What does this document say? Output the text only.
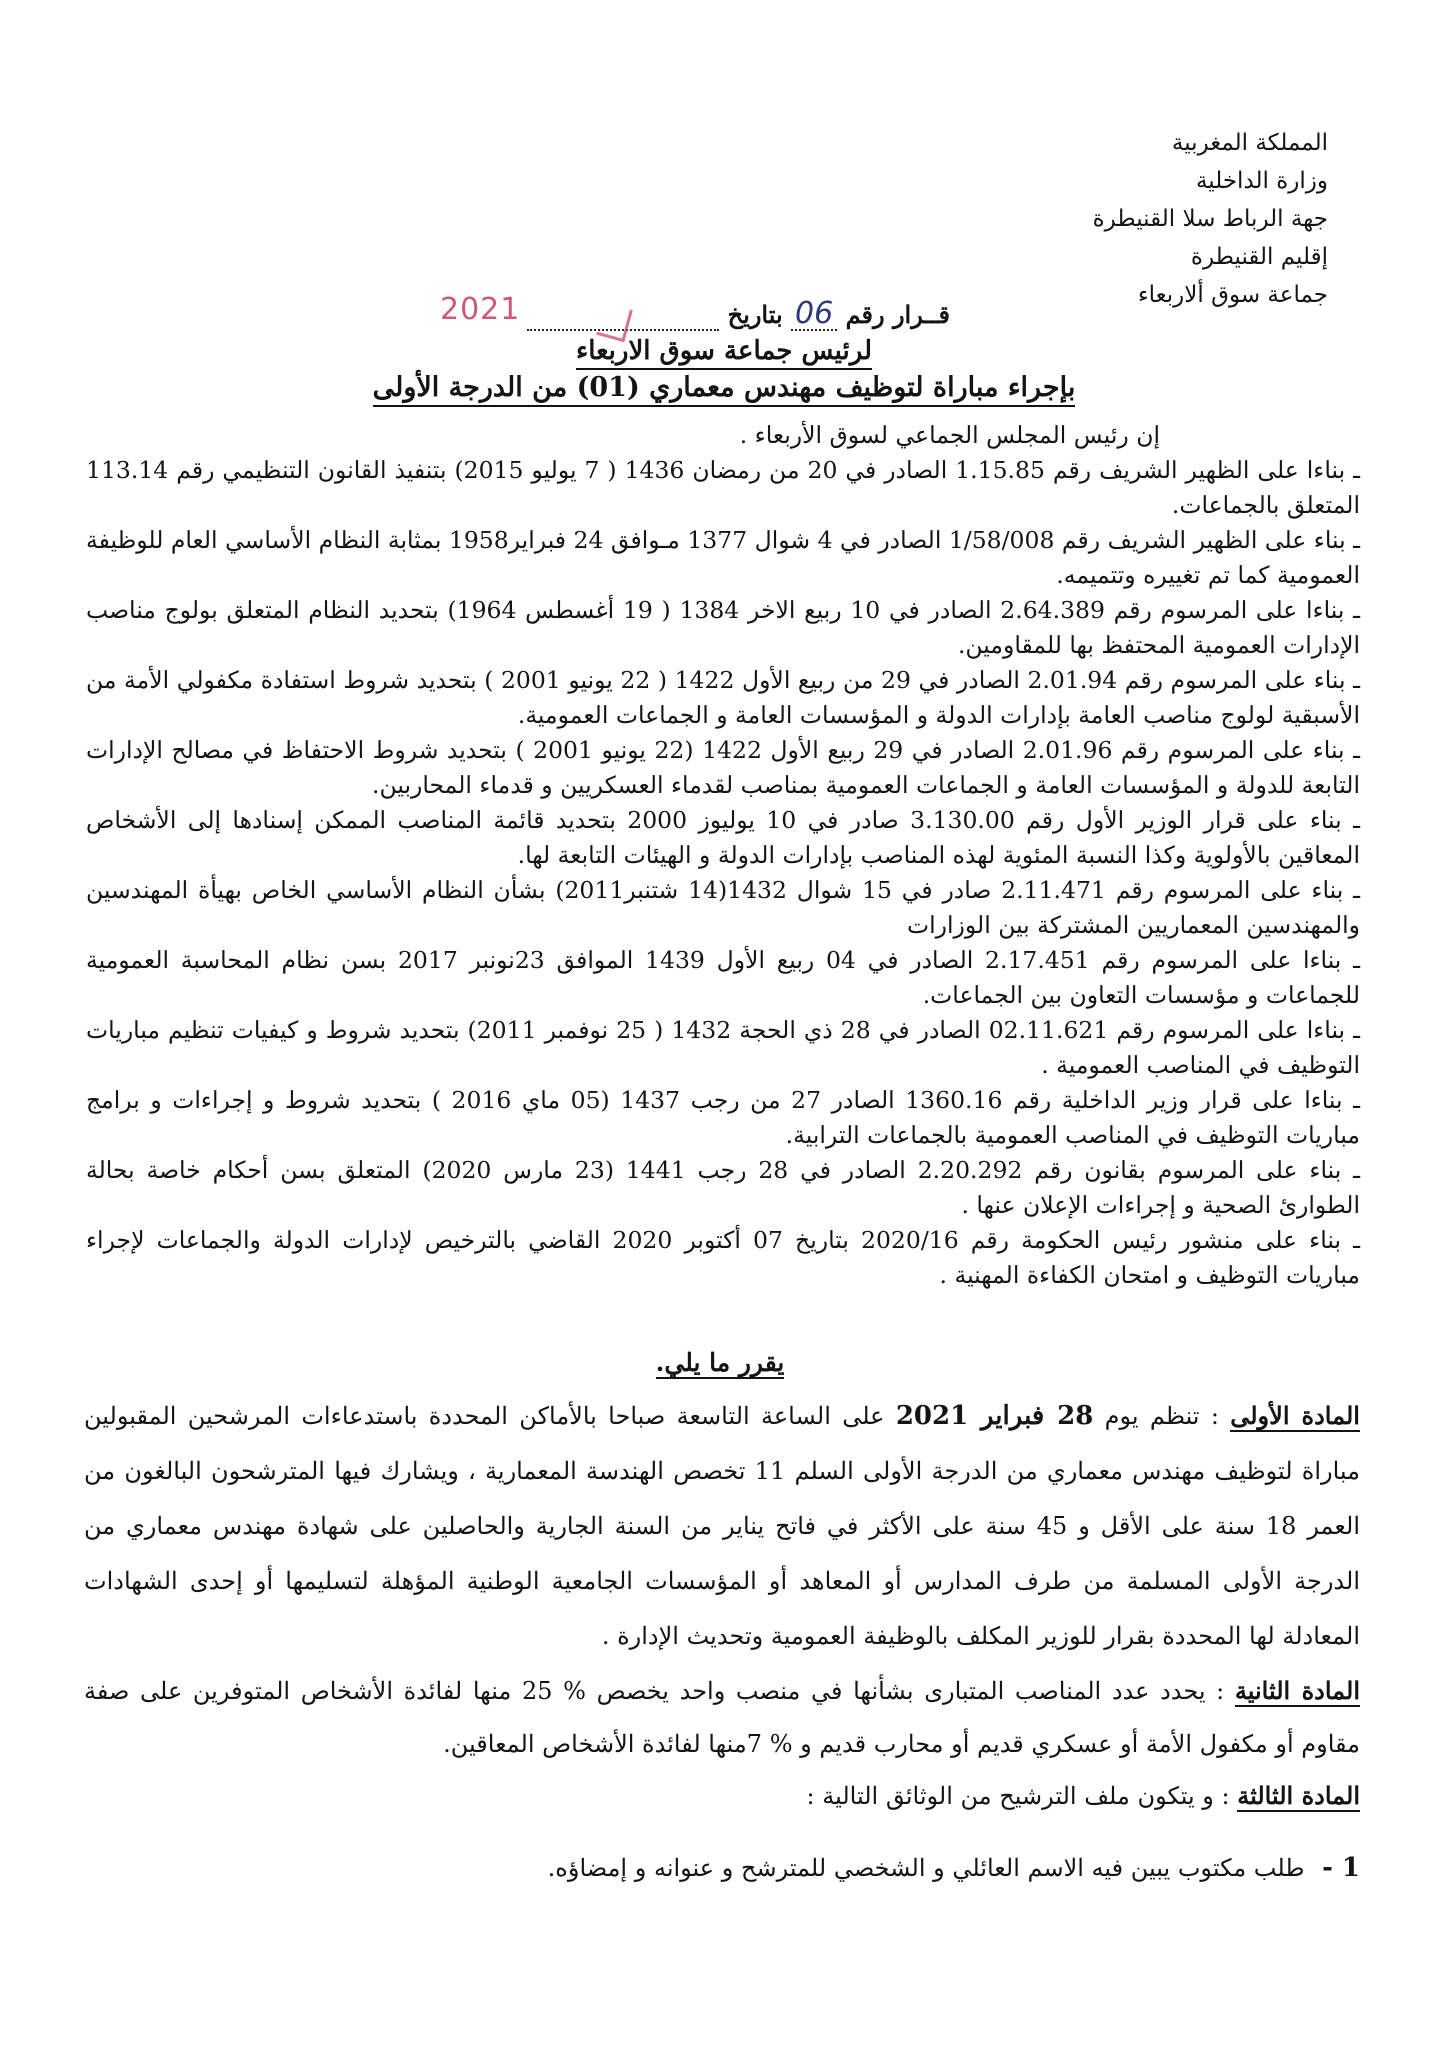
المملكة المغربية
وزارة الداخلية
جهة الرباط سلا القنيطرة
إقليم القنيطرة
جماعة سوق ألاربعاء
قــرار رقم 06 بتاريخ
2021
لرئيس جماعة سوق الاربعاء
بإجراء مباراة لتوظيف مهندس معماري (01) من الدرجة الأولى

إن رئيس المجلس الجماعي لسوق الأربعاء .

ـ بناءا على الظهير الشريف رقم 1.15.85 الصادر في 20 من رمضان 1436 ( 7 يوليو 2015) بتنفيذ القانون التنظيمي رقم 113.14 المتعلق بالجماعات.

ـ بناء على الظهير الشريف رقم 1/58/008 الصادر في 4 شوال 1377 مـوافق 24 فبراير1958 بمثابة النظام الأساسي العام للوظيفة العمومية كما تم تغييره وتتميمه.

ـ بناءا على المرسوم رقم 2.64.389 الصادر في 10 ربيع الاخر 1384 ( 19 أغسطس 1964) بتحديد النظام المتعلق بولوج مناصب الإدارات العمومية المحتفظ بها للمقاومين.

ـ بناء على المرسوم رقم 2.01.94 الصادر في 29 من ربيع الأول 1422 ( 22 يونيو 2001 ) بتحديد شروط استفادة مكفولي الأمة من الأسبقية لولوج مناصب العامة بإدارات الدولة و المؤسسات العامة و الجماعات العمومية.

ـ بناء على المرسوم رقم 2.01.96 الصادر في 29 ربيع الأول 1422 (22 يونيو 2001 ) بتحديد شروط الاحتفاظ في مصالح الإدارات التابعة للدولة و المؤسسات العامة و الجماعات العمومية بمناصب لقدماء العسكريين و قدماء المحاربين.

ـ بناء على قرار الوزير الأول رقم 3.130.00 صادر في 10 يوليوز 2000 بتحديد قائمة المناصب الممكن إسنادها إلى الأشخاص المعاقين بالأولوية وكذا النسبة المئوية لهذه المناصب بإدارات الدولة و الهيئات التابعة لها.

ـ بناء على المرسوم رقم 2.11.471 صادر في 15 شوال 1432(14 شتنبر2011) بشأن النظام الأساسي الخاص بهيأة المهندسين والمهندسين المعماريين المشتركة بين الوزارات

ـ بناءا على المرسوم رقم 2.17.451 الصادر في 04 ربيع الأول 1439 الموافق 23نونبر 2017 بسن نظام المحاسبة العمومية للجماعات و مؤسسات التعاون بين الجماعات.

ـ بناءا على المرسوم رقم 02.11.621 الصادر في 28 ذي الحجة 1432 ( 25 نوفمبر 2011) بتحديد شروط و كيفيات تنظيم مباريات التوظيف في المناصب العمومية .

ـ بناءا على قرار وزير الداخلية رقم 1360.16 الصادر 27 من رجب 1437 (05 ماي 2016 ) بتحديد شروط و إجراءات و برامج مباريات التوظيف في المناصب العمومية بالجماعات الترابية.

ـ بناء على المرسوم بقانون رقم 2.20.292 الصادر في 28 رجب 1441 (23 مارس 2020) المتعلق بسن أحكام خاصة بحالة الطوارئ الصحية و إجراءات الإعلان عنها .

ـ بناء على منشور رئيس الحكومة رقم 2020/16 بتاريخ 07 أكتوبر 2020 القاضي بالترخيص لإدارات الدولة والجماعات لإجراء مباريات التوظيف و امتحان الكفاءة المهنية .

يقرر ما يلي.

المادة الأولى : تنظم يوم 28 فبراير 2021 على الساعة التاسعة صباحا بالأماكن المحددة باستدعاءات المرشحين المقبولين مباراة لتوظيف مهندس معماري من الدرجة الأولى السلم 11 تخصص الهندسة المعمارية ، ويشارك فيها المترشحون البالغون من العمر 18 سنة على الأقل و 45 سنة على الأكثر في فاتح يناير من السنة الجارية والحاصلين على شهادة مهندس معماري من الدرجة الأولى المسلمة من طرف المدارس أو المعاهد أو المؤسسات الجامعية الوطنية المؤهلة لتسليمها أو إحدى الشهادات المعادلة لها المحددة بقرار للوزير المكلف بالوظيفة العمومية وتحديث الإدارة .

المادة الثانية : يحدد عدد المناصب المتبارى بشأنها في منصب واحد يخصص % 25 منها لفائدة الأشخاص المتوفرين على صفة مقاوم أو مكفول الأمة أو عسكري قديم أو محارب قديم و % 7منها لفائدة الأشخاص المعاقين.

المادة الثالثة : و يتكون ملف الترشيح من الوثائق التالية :

1 - طلب مكتوب يبين فيه الاسم العائلي و الشخصي للمترشح و عنوانه و إمضاؤه.
